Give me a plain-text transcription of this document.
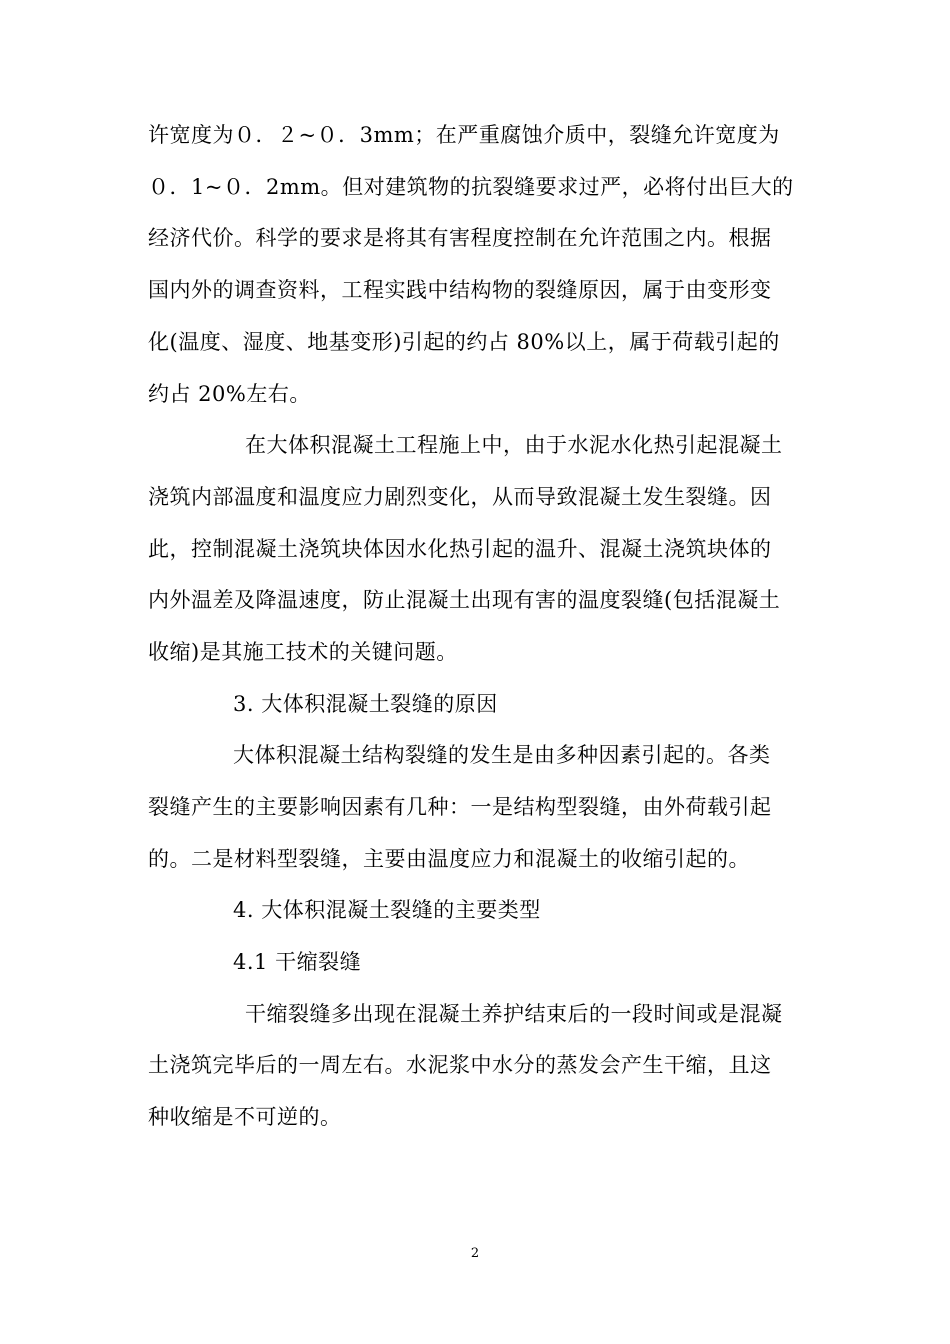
许宽度为０．２~０．3mm；在严重腐蚀介质中，裂缝允许宽度为
０．1~０．2mm。但对建筑物的抗裂缝要求过严，必将付出巨大的
经济代价。科学的要求是将其有害程度控制在允许范围之内。根据
国内外的调查资料，工程实践中结构物的裂缝原因，属于由变形变
化(温度、湿度、地基变形)引起的约占 80%以上，属于荷载引起的
约占 20%左右。
在大体积混凝土工程施上中，由于水泥水化热引起混凝土
浇筑内部温度和温度应力剧烈变化，从而导致混凝土发生裂缝。因
此，控制混凝土浇筑块体因水化热引起的温升、混凝土浇筑块体的
内外温差及降温速度，防止混凝土出现有害的温度裂缝(包括混凝土
收缩)是其施工技术的关键问题。
3. 大体积混凝土裂缝的原因
大体积混凝土结构裂缝的发生是由多种因素引起的。各类
裂缝产生的主要影响因素有几种：一是结构型裂缝，由外荷载引起
的。二是材料型裂缝，主要由温度应力和混凝土的收缩引起的。
4. 大体积混凝土裂缝的主要类型
4.1 干缩裂缝
干缩裂缝多出现在混凝土养护结束后的一段时间或是混凝
土浇筑完毕后的一周左右。水泥浆中水分的蒸发会产生干缩，且这
种收缩是不可逆的。
2
